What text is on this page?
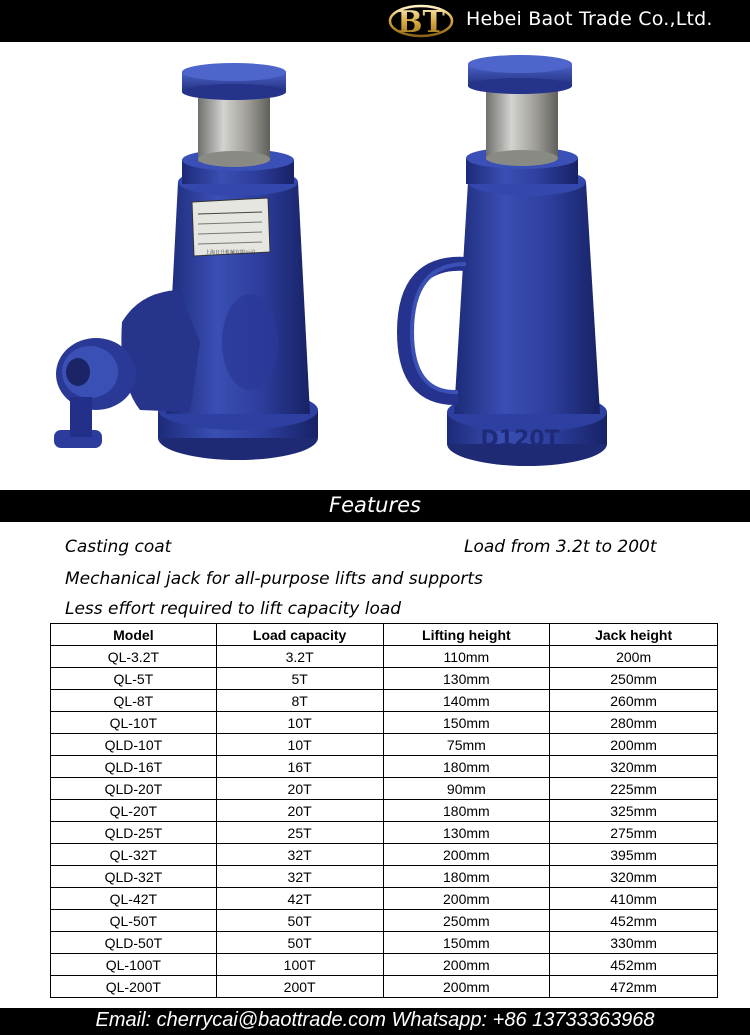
BT Hebei Baot Trade Co.,Ltd.
上海日升机械有限公司
D120T
Features
Casting coat	Load from 3.2t to 200t
Mechanical jack for all-purpose lifts and supports
Less effort required to lift capacity load
Model	Load capacity	Lifting height	Jack height
QL-3.2T	3.2T	110mm	200m
QL-5T	5T	130mm	250mm
QL-8T	8T	140mm	260mm
QL-10T	10T	150mm	280mm
QLD-10T	10T	75mm	200mm
QLD-16T	16T	180mm	320mm
QLD-20T	20T	90mm	225mm
QL-20T	20T	180mm	325mm
QLD-25T	25T	130mm	275mm
QL-32T	32T	200mm	395mm
QLD-32T	32T	180mm	320mm
QL-42T	42T	200mm	410mm
QL-50T	50T	250mm	452mm
QLD-50T	50T	150mm	330mm
QL-100T	100T	200mm	452mm
QL-200T	200T	200mm	472mm
Email: cherrycai@baottrade.com Whatsapp: +86 13733363968
